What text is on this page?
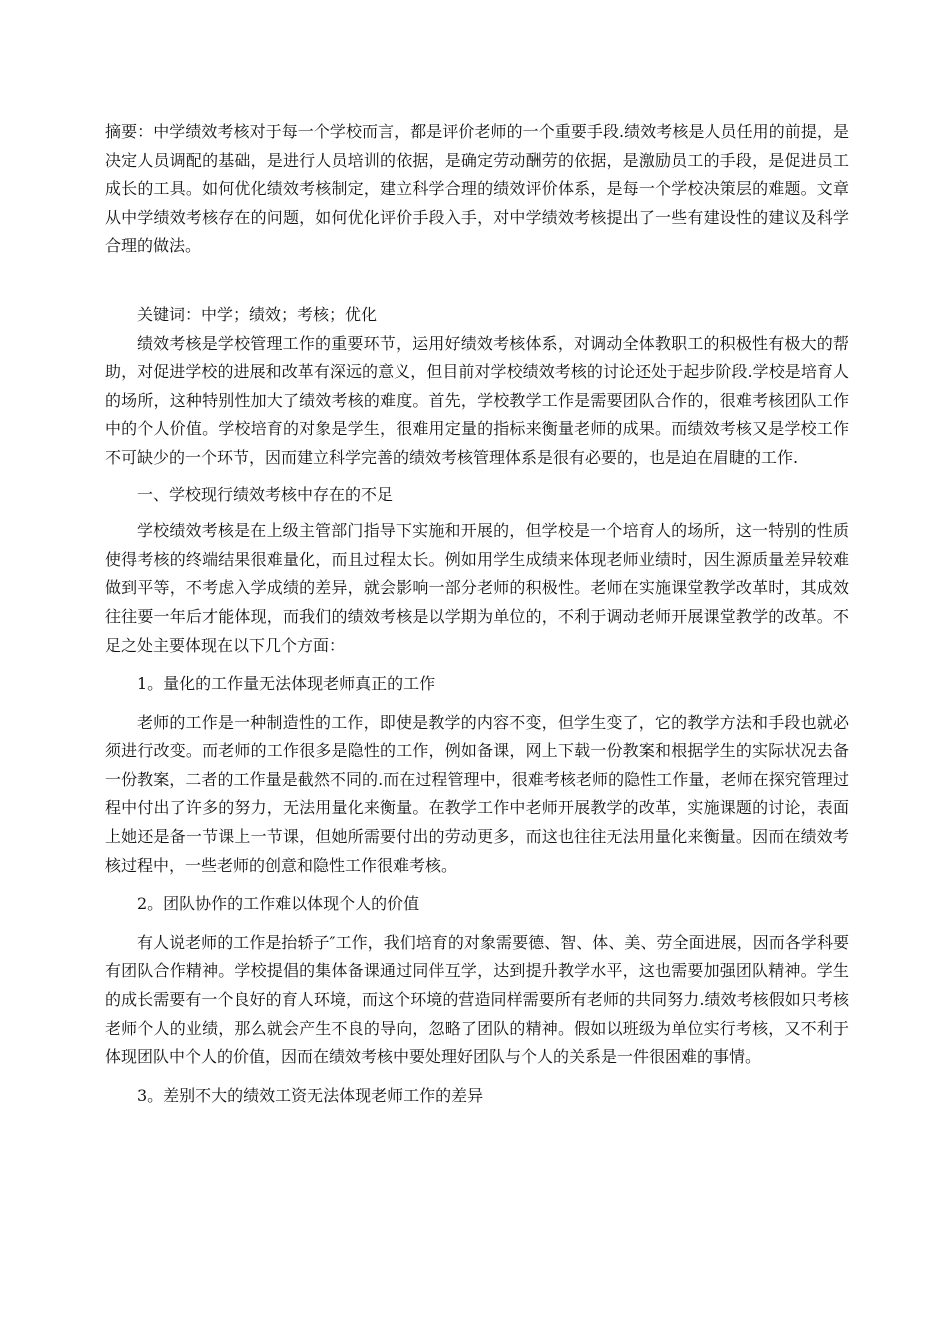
摘要：中学绩效考核对于每一个学校而言，都是评价老师的一个重要手段.绩效考核是人员任用的前提，是决定人员调配的基础，是进行人员培训的依据，是确定劳动酬劳的依据，是激励员工的手段，是促进员工成长的工具。如何优化绩效考核制定，建立科学合理的绩效评价体系，是每一个学校决策层的难题。文章从中学绩效考核存在的问题，如何优化评价手段入手，对中学绩效考核提出了一些有建设性的建议及科学合理的做法。

关键词：中学；绩效；考核；优化

绩效考核是学校管理工作的重要环节，运用好绩效考核体系，对调动全体教职工的积极性有极大的帮助，对促进学校的进展和改革有深远的意义，但目前对学校绩效考核的讨论还处于起步阶段.学校是培育人的场所，这种特别性加大了绩效考核的难度。首先，学校教学工作是需要团队合作的，很难考核团队工作中的个人价值。学校培育的对象是学生，很难用定量的指标来衡量老师的成果。而绩效考核又是学校工作不可缺少的一个环节，因而建立科学完善的绩效考核管理体系是很有必要的，也是迫在眉睫的工作.

一、学校现行绩效考核中存在的不足

学校绩效考核是在上级主管部门指导下实施和开展的，但学校是一个培育人的场所，这一特别的性质使得考核的终端结果很难量化，而且过程太长。例如用学生成绩来体现老师业绩时，因生源质量差异较难做到平等，不考虑入学成绩的差异，就会影响一部分老师的积极性。老师在实施课堂教学改革时，其成效往往要一年后才能体现，而我们的绩效考核是以学期为单位的，不利于调动老师开展课堂教学的改革。不足之处主要体现在以下几个方面：

1。量化的工作量无法体现老师真正的工作

老师的工作是一种制造性的工作，即使是教学的内容不变，但学生变了，它的教学方法和手段也就必须进行改变。而老师的工作很多是隐性的工作，例如备课，网上下载一份教案和根据学生的实际状况去备一份教案，二者的工作量是截然不同的.而在过程管理中，很难考核老师的隐性工作量，老师在探究管理过程中付出了许多的努力，无法用量化来衡量。在教学工作中老师开展教学的改革，实施课题的讨论，表面上她还是备一节课上一节课，但她所需要付出的劳动更多，而这也往往无法用量化来衡量。因而在绩效考核过程中，一些老师的创意和隐性工作很难考核。

2。团队协作的工作难以体现个人的价值

有人说老师的工作是抬轿子″工作，我们培育的对象需要德、智、体、美、劳全面进展，因而各学科要有团队合作精神。学校提倡的集体备课通过同伴互学，达到提升教学水平，这也需要加强团队精神。学生的成长需要有一个良好的育人环境，而这个环境的营造同样需要所有老师的共同努力.绩效考核假如只考核老师个人的业绩，那么就会产生不良的导向，忽略了团队的精神。假如以班级为单位实行考核，又不利于体现团队中个人的价值，因而在绩效考核中要处理好团队与个人的关系是一件很困难的事情。

3。差别不大的绩效工资无法体现老师工作的差异
